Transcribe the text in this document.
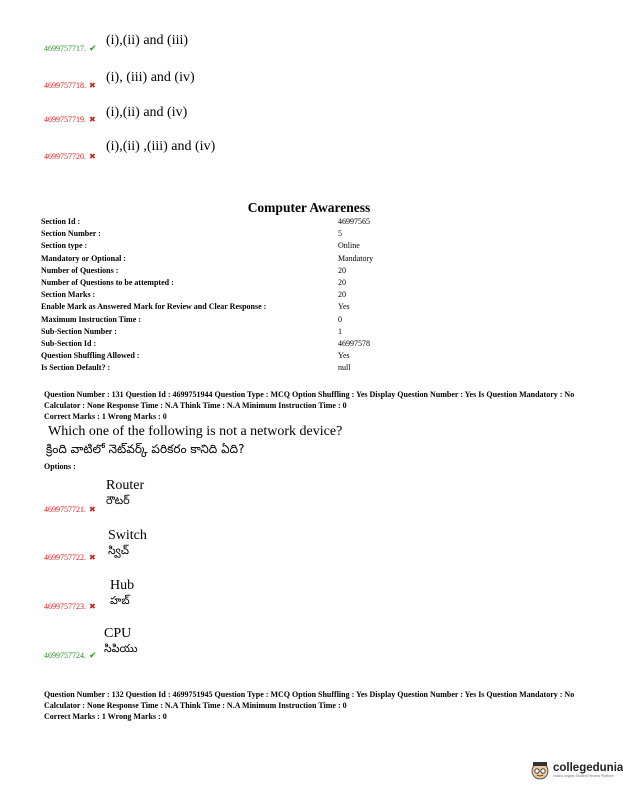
4699757717. ✔
(i),(ii) and (iii)
4699757718. ✖
(i), (iii) and (iv)
4699757719. ✖ (i),(ii) and (iv)
4699757720. ✖
(i),(ii) ,(iii) and (iv)
Computer Awareness
Section Id :	46997565
Section Number :	5
Section type :	Online
Mandatory or Optional :	Mandatory
Number of Questions :	20
Number of Questions to be attempted :	20
Section Marks :	20
Enable Mark as Answered Mark for Review and Clear Response :	Yes
Maximum Instruction Time :	0
Sub-Section Number :	1
Sub-Section Id :	46997578
Question Shuffling Allowed :	Yes
Is Section Default? :	null
Question Number : 131 Question Id : 4699751944 Question Type : MCQ Option Shuffling : Yes Display Question Number : Yes Is Question Mandatory : No Calculator : None Response Time : N.A Think Time : N.A Minimum Instruction Time : 0
Correct Marks : 1 Wrong Marks : 0
Which one of the following is not a network device?
క్రింది వాటిలో నెట్‌వర్క్ పరికరం కానిది ఏది?
Options :
Router
రౌటర్
4699757721. ✖
Switch
స్విచ్
4699757722. ✖
Hub
హబ్
4699757723. ✖
CPU
సిపియు
4699757724. ✔
Question Number : 132 Question Id : 4699751945 Question Type : MCQ Option Shuffling : Yes Display Question Number : Yes Is Question Mandatory : No Calculator : None Response Time : N.A Think Time : N.A Minimum Instruction Time : 0
Correct Marks : 1 Wrong Marks : 0
collegedunia
India's largest Student Review Platform
